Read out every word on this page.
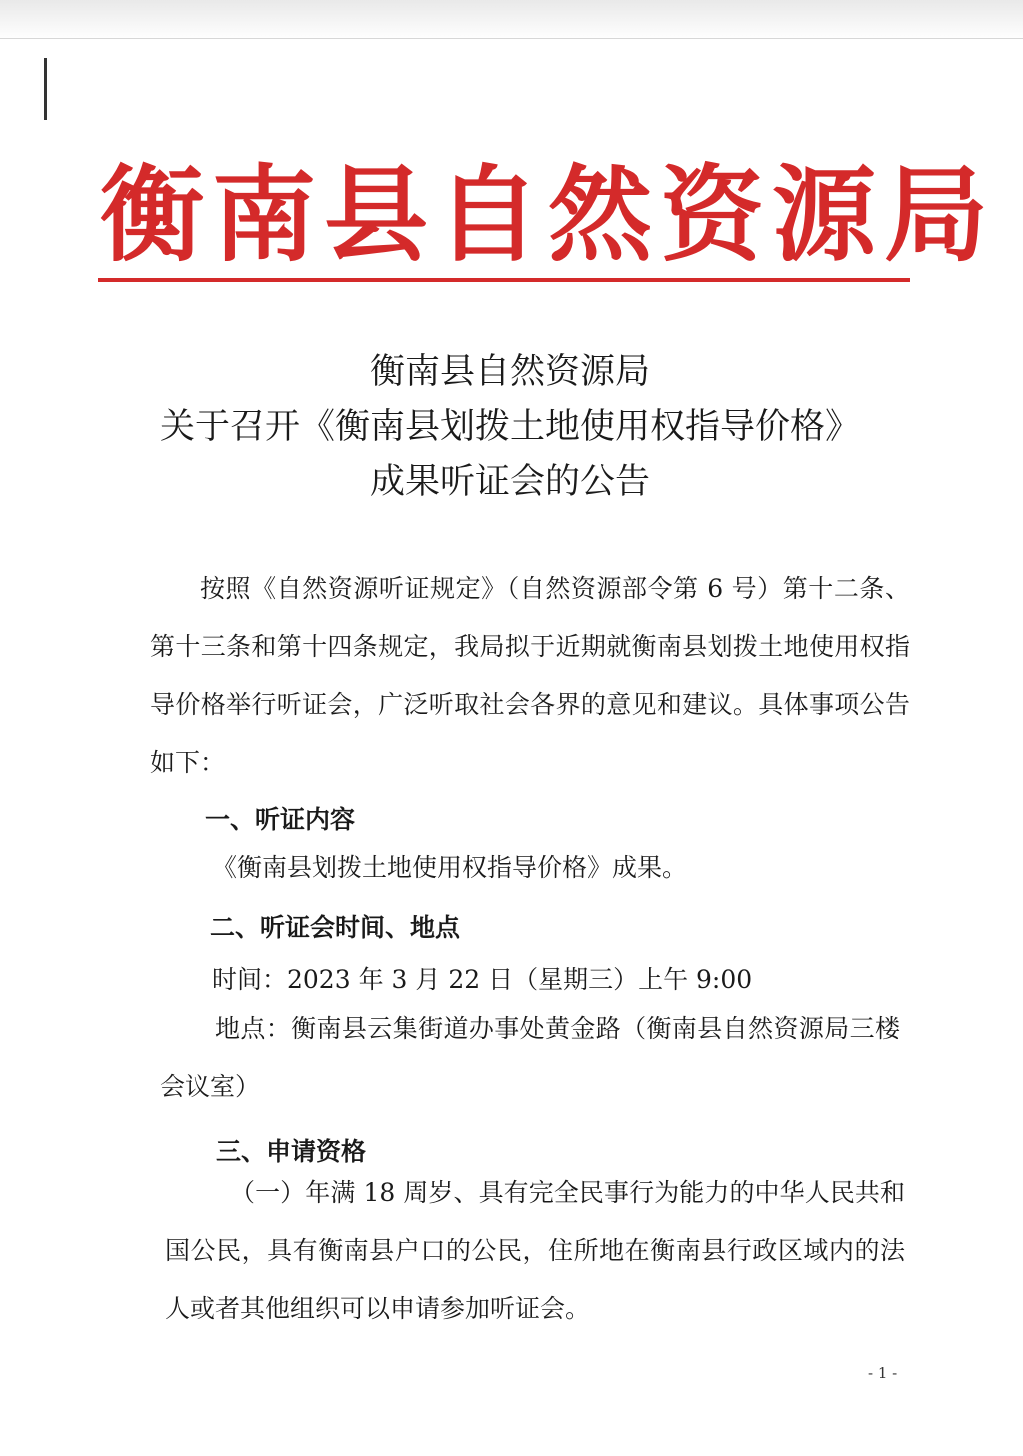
衡南县自然资源局
衡南县自然资源局
关于召开《衡南县划拨土地使用权指导价格》
成果听证会的公告

按照《自然资源听证规定》（自然资源部令第 6 号）第十二条、第十三条和第十四条规定，我局拟于近期就衡南县划拨土地使用权指导价格举行听证会，广泛听取社会各界的意见和建议。具体事项公告如下：

一、听证内容
《衡南县划拨土地使用权指导价格》成果。
二、听证会时间、地点
时间：2023 年 3 月 22 日（星期三）上午 9:00

地点：衡南县云集街道办事处黄金路（衡南县自然资源局三楼会议室）

三、申请资格

（一）年满 18 周岁、具有完全民事行为能力的中华人民共和国公民，具有衡南县户口的公民，住所地在衡南县行政区域内的法人或者其他组织可以申请参加听证会。

- 1 -
